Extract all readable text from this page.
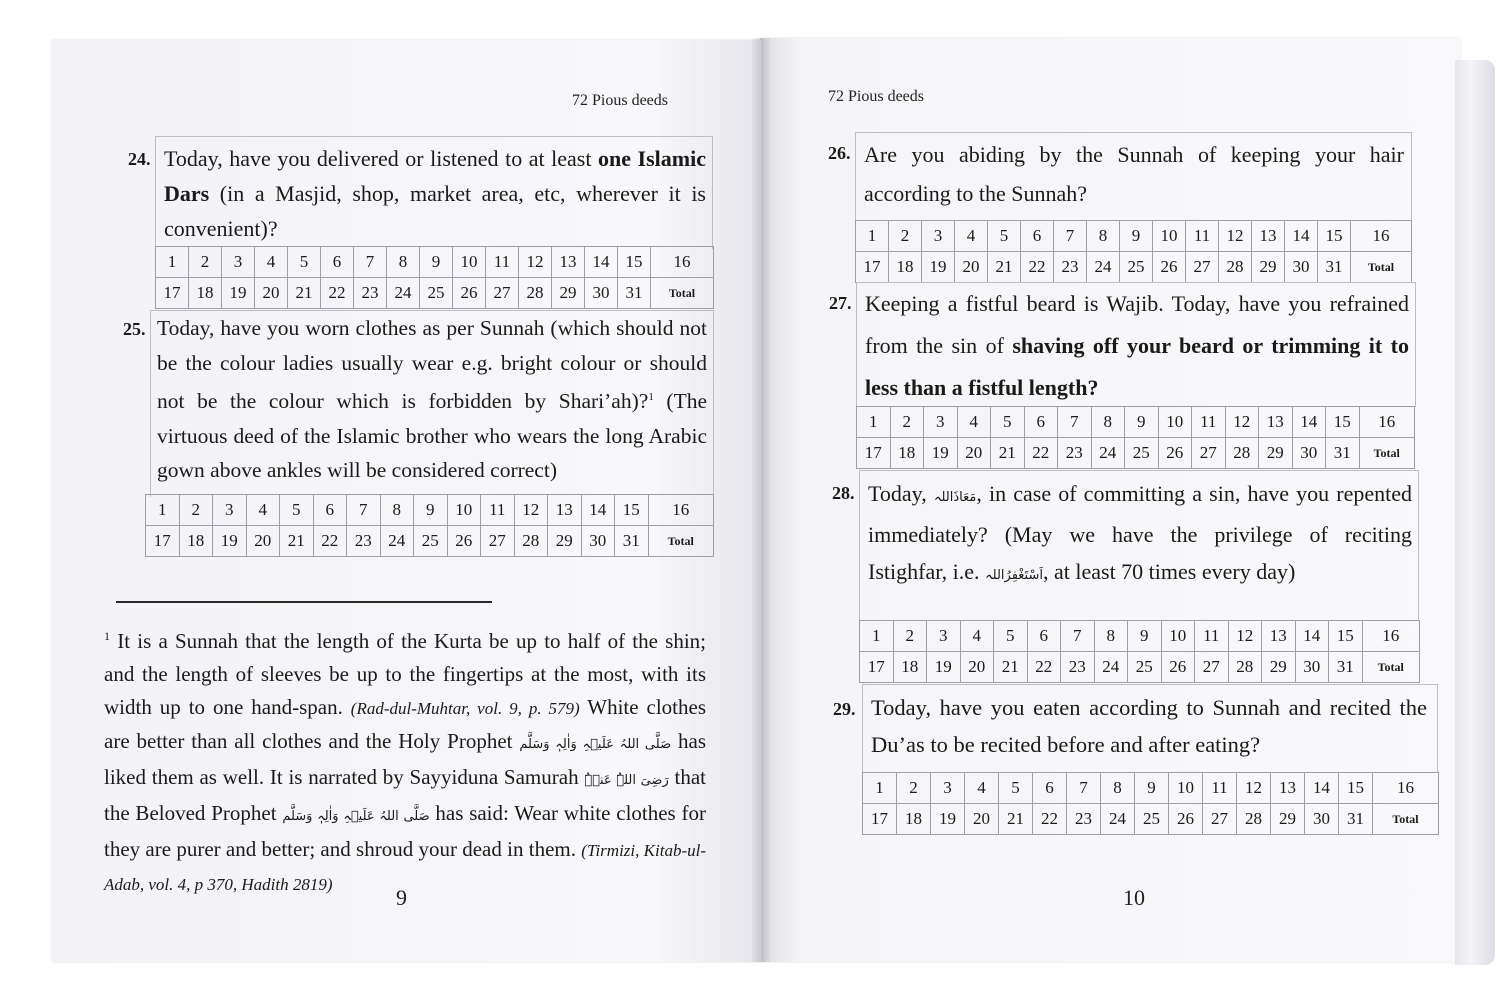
72 Pious deeds
24. Today, have you delivered or listened to at least one Islamic Dars (in a Masjid, shop, market area, etc, wherever it is convenient)?
1	2	3	4	5	6	7	8	9	10	11	12	13	14	15	16
17	18	19	20	21	22	23	24	25	26	27	28	29	30	31	Total
25. Today, have you worn clothes as per Sunnah (which should not be the colour ladies usually wear e.g. bright colour or should not be the colour which is forbidden by Shari’ah)?$^1$ (The virtuous deed of the Islamic brother who wears the long Arabic gown above ankles will be considered correct)
1	2	3	4	5	6	7	8	9	10	11	12	13	14	15	16
17	18	19	20	21	22	23	24	25	26	27	28	29	30	31	Total
$^1$ It is a Sunnah that the length of the Kurta be up to half of the shin; and the length of sleeves be up to the fingertips at the most, with its width up to one hand-span. (Rad-dul-Muhtar, vol. 9, p. 579) White clothes are better than all clothes and the Holy Prophet صَلَّی اللہُ عَلَیۡہِ وَاٰلِہٖ وَسَلَّم has liked them as well. It is narrated by Sayyiduna Samurah رَضِیَ اللہُ عَنۡہُ that the Beloved Prophet صَلَّی اللہُ عَلَیۡہِ وَاٰلِہٖ وَسَلَّم has said: Wear white clothes for they are purer and better; and shroud your dead in them. (Tirmizi, Kitab-ul-Adab, vol. 4, p 370, Hadith 2819)
9
72 Pious deeds
26. Are you abiding by the Sunnah of keeping your hair according to the Sunnah?
1	2	3	4	5	6	7	8	9	10	11	12	13	14	15	16
17	18	19	20	21	22	23	24	25	26	27	28	29	30	31	Total
27. Keeping a fistful beard is Wajib. Today, have you refrained from the sin of shaving off your beard or trimming it to less than a fistful length?
1	2	3	4	5	6	7	8	9	10	11	12	13	14	15	16
17	18	19	20	21	22	23	24	25	26	27	28	29	30	31	Total
28. Today, مَعَاذَاللہ, in case of committing a sin, have you repented immediately? (May we have the privilege of reciting Istighfar, i.e. اَسْتَغْفِرُاللہ, at least 70 times every day)
1	2	3	4	5	6	7	8	9	10	11	12	13	14	15	16
17	18	19	20	21	22	23	24	25	26	27	28	29	30	31	Total
29. Today, have you eaten according to Sunnah and recited the Du’as to be recited before and after eating?
1	2	3	4	5	6	7	8	9	10	11	12	13	14	15	16
17	18	19	20	21	22	23	24	25	26	27	28	29	30	31	Total
10
